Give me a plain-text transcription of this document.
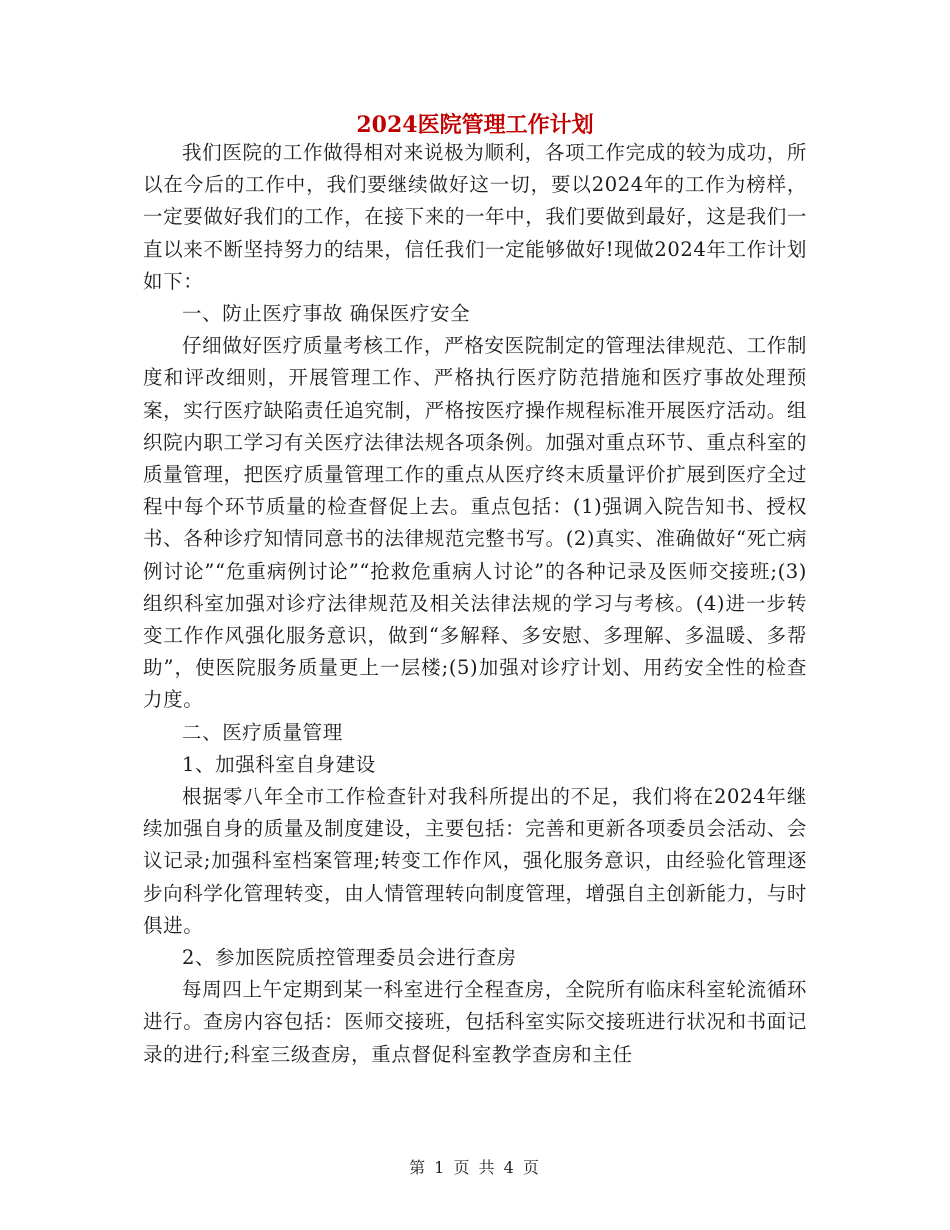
2024医院管理工作计划

我们医院的工作做得相对来说极为顺利，各项工作完成的较为成功，所以在今后的工作中，我们要继续做好这一切，要以2024年的工作为榜样，一定要做好我们的工作，在接下来的一年中，我们要做到最好，这是我们一直以来不断坚持努力的结果，信任我们一定能够做好!现做2024年工作计划如下：

一、防止医疗事故 确保医疗安全

仔细做好医疗质量考核工作，严格安医院制定的管理法律规范、工作制度和评改细则，开展管理工作、严格执行医疗防范措施和医疗事故处理预案，实行医疗缺陷责任追究制，严格按医疗操作规程标准开展医疗活动。组织院内职工学习有关医疗法律法规各项条例。加强对重点环节、重点科室的质量管理，把医疗质量管理工作的重点从医疗终末质量评价扩展到医疗全过程中每个环节质量的检查督促上去。重点包括：(1)强调入院告知书、授权书、各种诊疗知情同意书的法律规范完整书写。(2)真实、准确做好“死亡病例讨论”“危重病例讨论”“抢救危重病人讨论”的各种记录及医师交接班;(3)组织科室加强对诊疗法律规范及相关法律法规的学习与考核。(4)进一步转变工作作风强化服务意识，做到“多解释、多安慰、多理解、多温暖、多帮助”，使医院服务质量更上一层楼;(5)加强对诊疗计划、用药安全性的检查力度。

二、医疗质量管理

1、加强科室自身建设

根据零八年全市工作检查针对我科所提出的不足，我们将在2024年继续加强自身的质量及制度建设，主要包括：完善和更新各项委员会活动、会议记录;加强科室档案管理;转变工作作风，强化服务意识，由经验化管理逐步向科学化管理转变，由人情管理转向制度管理，增强自主创新能力，与时俱进。

2、参加医院质控管理委员会进行查房

每周四上午定期到某一科室进行全程查房，全院所有临床科室轮流循环进行。查房内容包括：医师交接班，包括科室实际交接班进行状况和书面记录的进行;科室三级查房，重点督促科室教学查房和主任

第 1 页 共 4 页
